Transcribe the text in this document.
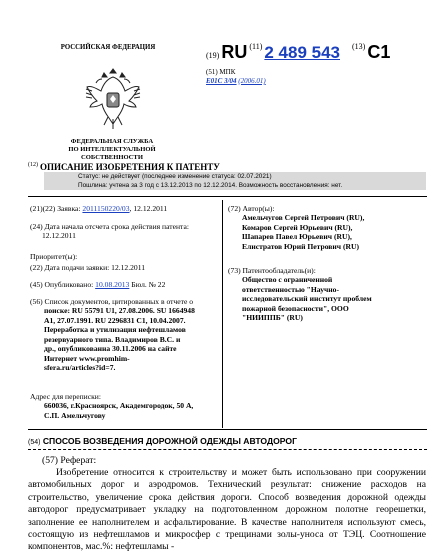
РОССИЙСКАЯ ФЕДЕРАЦИЯ
ФЕДЕРАЛЬНАЯ СЛУЖБА
ПО ИНТЕЛЛЕКТУАЛЬНОЙ СОБСТВЕННОСТИ
(19) RU (11) 2 489 543 (13) C1
(51) МПК
E01C 3/04 (2006.01)
$^{(12)}$ ОПИСАНИЕ ИЗОБРЕТЕНИЯ К ПАТЕНТУ
Статус: не действует (последнее изменение статуса: 02.07.2021)
Пошлина: учтена за 3 год с 13.12.2013 по 12.12.2014. Возможность восстановления: нет.
(21)(22) Заявка: 2011150220/03, 12.12.2011
(24) Дата начала отсчета срока действия патента:
12.12.2011
Приоритет(ы):
(22) Дата подачи заявки: 12.12.2011
(45) Опубликовано: 10.08.2013 Бюл. № 22
(56) Список документов, цитированных в отчете о
поиске: RU 55791 U1, 27.08.2006. SU 1664948
A1, 27.07.1991. RU 2296831 C1, 10.04.2007.
Переработка и утилизация нефтешламов
резервуарного типа. Владимиров В.С. и
др., опубликованна 30.11.2006 на сайте
Интернет www.promhim-
sfera.ru/articles?id=7.
Адрес для переписки:
660036, г.Красноярск, Академгородок, 50 А,
С.П. Амельчугову
(72) Автор(ы):
Амельчугов Сергей Петрович (RU),
Комаров Сергей Юрьевич (RU),
Шапарев Павел Юрьевич (RU),
Елистратов Юрий Петрович (RU)
(73) Патентообладатель(и):
Общество с ограниченной
ответственностью "Научно-
исследовательский институт проблем
пожарной безопасности", ООО
"НИИППБ" (RU)
(54) СПОСОБ ВОЗВЕДЕНИЯ ДОРОЖНОЙ ОДЕЖДЫ АВТОДОРОГ
(57) Реферат:
Изобретение относится к строительству и может быть использовано при сооружении автомобильных дорог и аэродромов. Технический результат: снижение расходов на строительство, увеличение срока действия дороги. Способ возведения дорожной одежды автодорог предусматривает укладку на подготовленном дорожном полотне георешетки, заполнение ее наполнителем и асфальтирование. В качестве наполнителя используют смесь, состоящую из нефтешламов и микросфер с трещинами золы-уноса от ТЭЦ. Соотношение компонентов, мас.%: нефтешламы -
